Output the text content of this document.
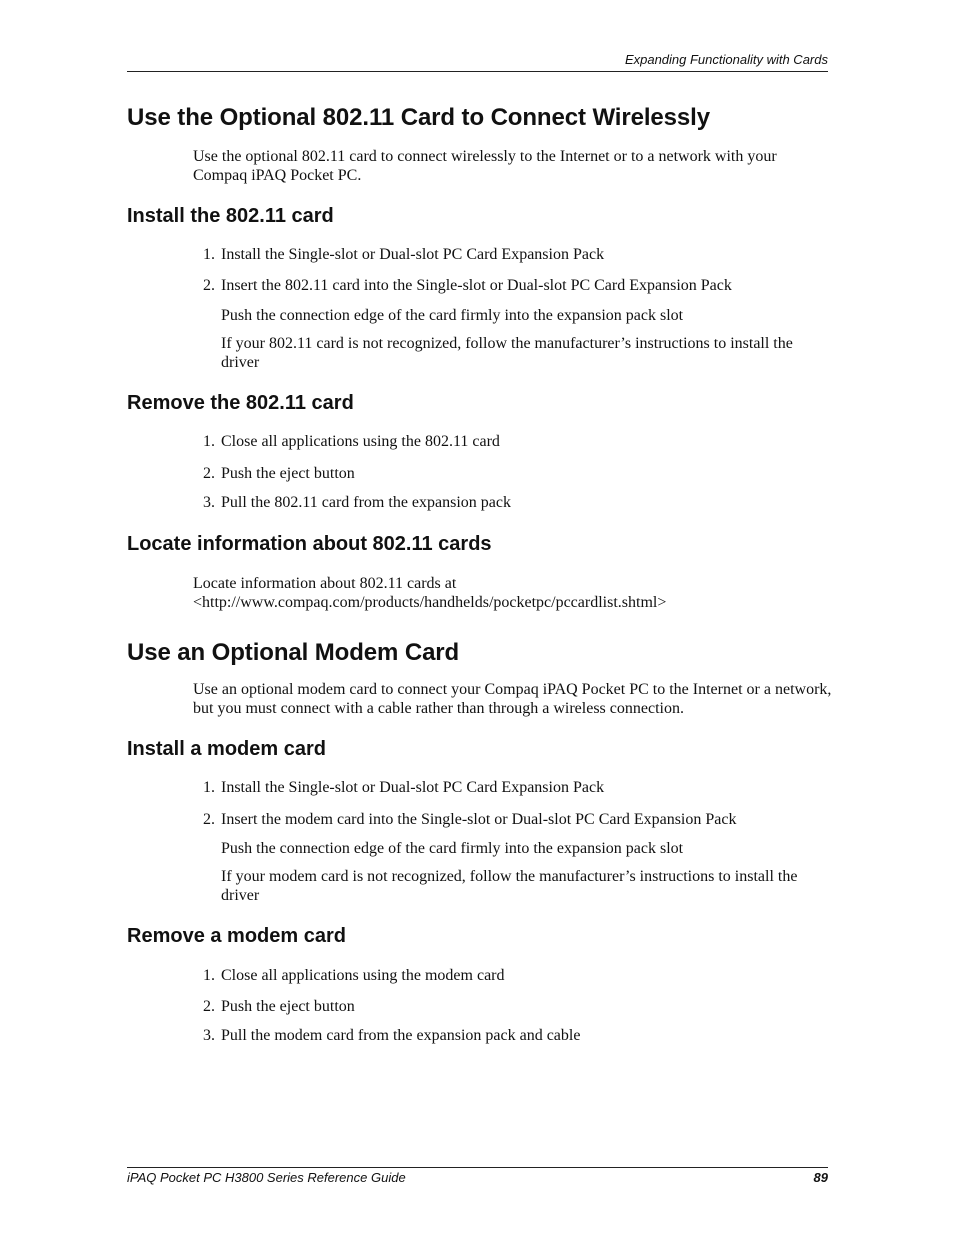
Expanding Functionality with Cards
Use the Optional 802.11 Card to Connect Wirelessly
Use the optional 802.11 card to connect wirelessly to the Internet or to a network with your Compaq iPAQ Pocket PC.
Install the 802.11 card
1. Install the Single-slot or Dual-slot PC Card Expansion Pack
2. Insert the 802.11 card into the Single-slot or Dual-slot PC Card Expansion Pack
Push the connection edge of the card firmly into the expansion pack slot
If your 802.11 card is not recognized, follow the manufacturer’s instructions to install the driver
Remove the 802.11 card
1. Close all applications using the 802.11 card
2. Push the eject button
3. Pull the 802.11 card from the expansion pack
Locate information about 802.11 cards
Locate information about 802.11 cards at
<http://www.compaq.com/products/handhelds/pocketpc/pccardlist.shtml>
Use an Optional Modem Card
Use an optional modem card to connect your Compaq iPAQ Pocket PC to the Internet or a network, but you must connect with a cable rather than through a wireless connection.
Install a modem card
1. Install the Single-slot or Dual-slot PC Card Expansion Pack
2. Insert the modem card into the Single-slot or Dual-slot PC Card Expansion Pack
Push the connection edge of the card firmly into the expansion pack slot
If your modem card is not recognized, follow the manufacturer’s instructions to install the driver
Remove a modem card
1. Close all applications using the modem card
2. Push the eject button
3. Pull the modem card from the expansion pack and cable
iPAQ Pocket PC H3800 Series Reference Guide	89
